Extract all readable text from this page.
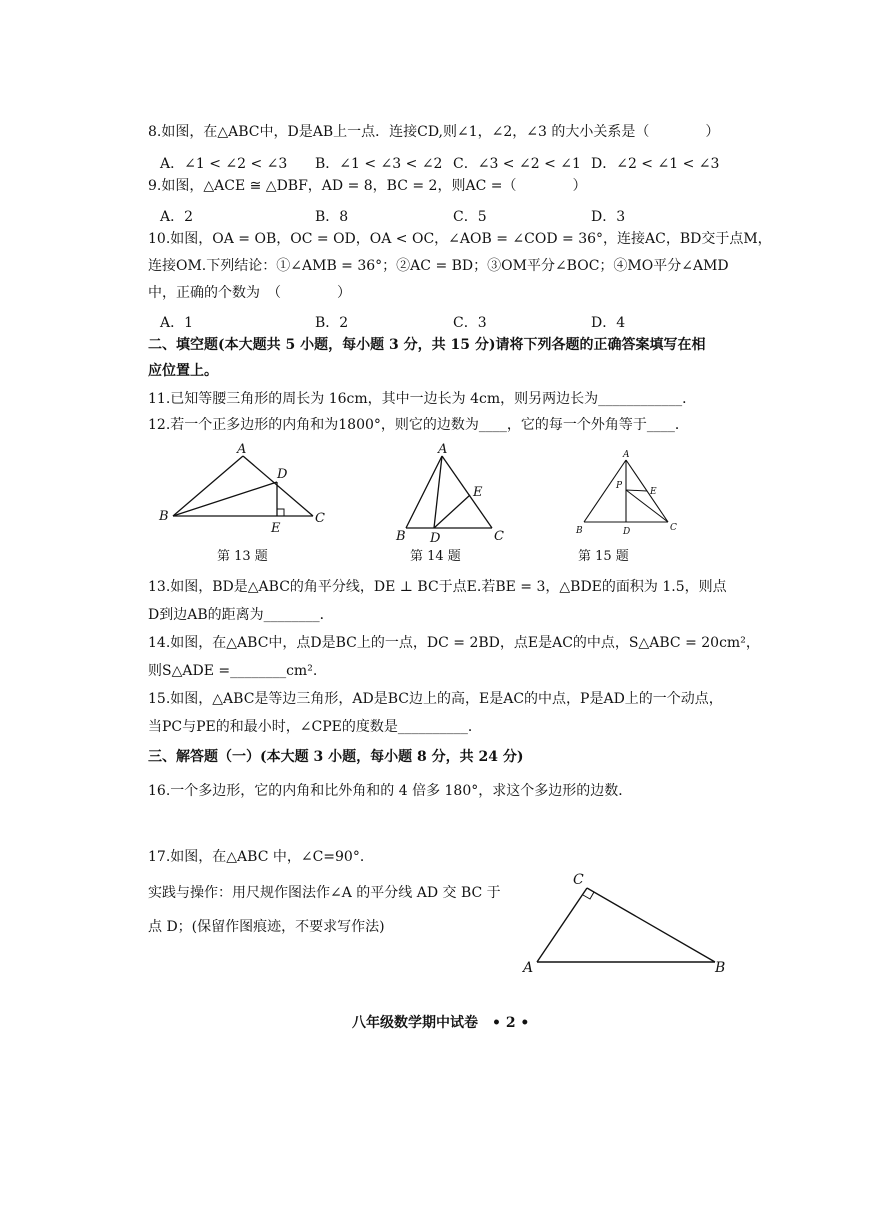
8.如图，在△ABC中，D是AB上一点．连接CD,则∠1，∠2，∠3 的大小关系是（　　　　）
A．∠1 < ∠2 < ∠3 B．∠1 < ∠3 < ∠2 C．∠3 < ∠2 < ∠1 D．∠2 < ∠1 < ∠3
9.如图，△ACE ≅ △DBF，AD = 8，BC = 2，则AC =（　　　　）
A．2	B．8	C．5	D．3
10.如图，OA = OB，OC = OD，OA < OC，∠AOB = ∠COD = 36°，连接AC，BD交于点M，
连接OM.下列结论：①∠AMB = 36°；②AC = BD；③OM平分∠BOC；④MO平分∠AMD
中，正确的个数为　（　　　　）
A．1	B．2	C．3	D．4
二、填空题(本大题共 5 小题，每小题 3 分，共 15 分)请将下列各题的正确答案填写在相
应位置上。
11.已知等腰三角形的周长为 16cm，其中一边长为 4cm，则另两边长为____________．
12.若一个正多边形的内角和为1800°，则它的边数为____，它的每一个外角等于____．
A
B	C
D
E
第 13 题
A
B	C
D
E
第 14 题
A
B	C
D
E
P
第 15 题
13.如图，BD是△ABC的角平分线，DE ⊥ BC于点E.若BE = 3，△BDE的面积为 1.5，则点
D到边AB的距离为________．
14.如图，在△ABC中，点D是BC上的一点，DC = 2BD，点E是AC的中点，S△ABC = 20cm²，
则S△ADE =________cm².
15.如图，△ABC是等边三角形，AD是BC边上的高，E是AC的中点，P是AD上的一个动点，
当PC与PE的和最小时，∠CPE的度数是__________．
三、解答题（一）(本大题 3 小题，每小题 8 分，共 24 分)
16.一个多边形，它的内角和比外角和的 4 倍多 180°，求这个多边形的边数．
17.如图，在△ABC 中，∠C=90°．
实践与操作：用尺规作图法作∠A 的平分线 AD 交 BC 于
点 D；(保留作图痕迹，不要求写作法)
A	B
C
八年级数学期中试卷　• 2 •
